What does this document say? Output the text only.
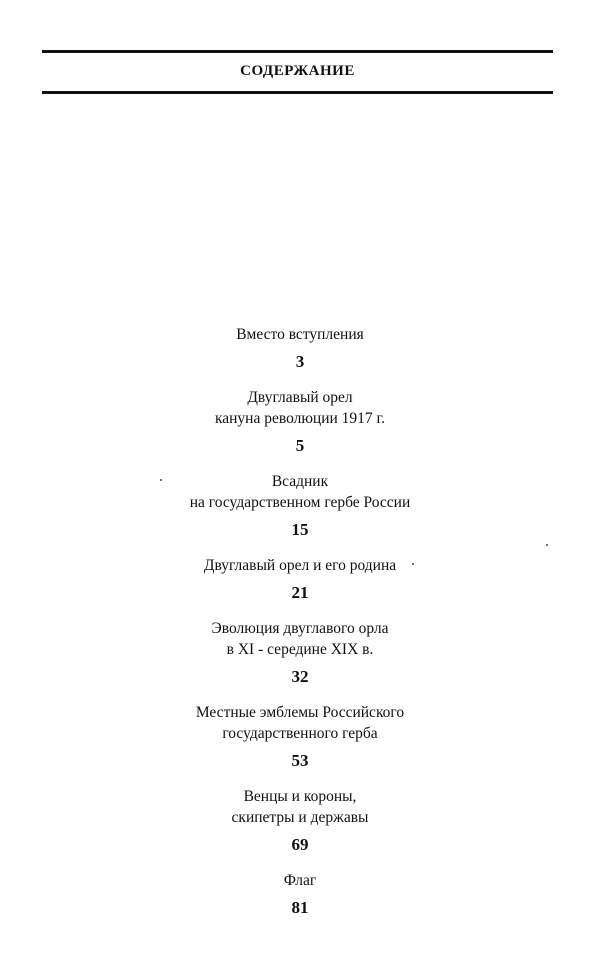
СОДЕРЖАНИЕ
Вместо вступления
3
Двуглавый орел
кануна революции 1917 г.
5
Всадник
на государственном гербе России
15
Двуглавый орел и его родина
21
Эволюция двуглавого орла
в XI - середине XIX в.
32
Местные эмблемы Российского
государственного герба
53
Венцы и короны,
скипетры и державы
69
Флаг
81
